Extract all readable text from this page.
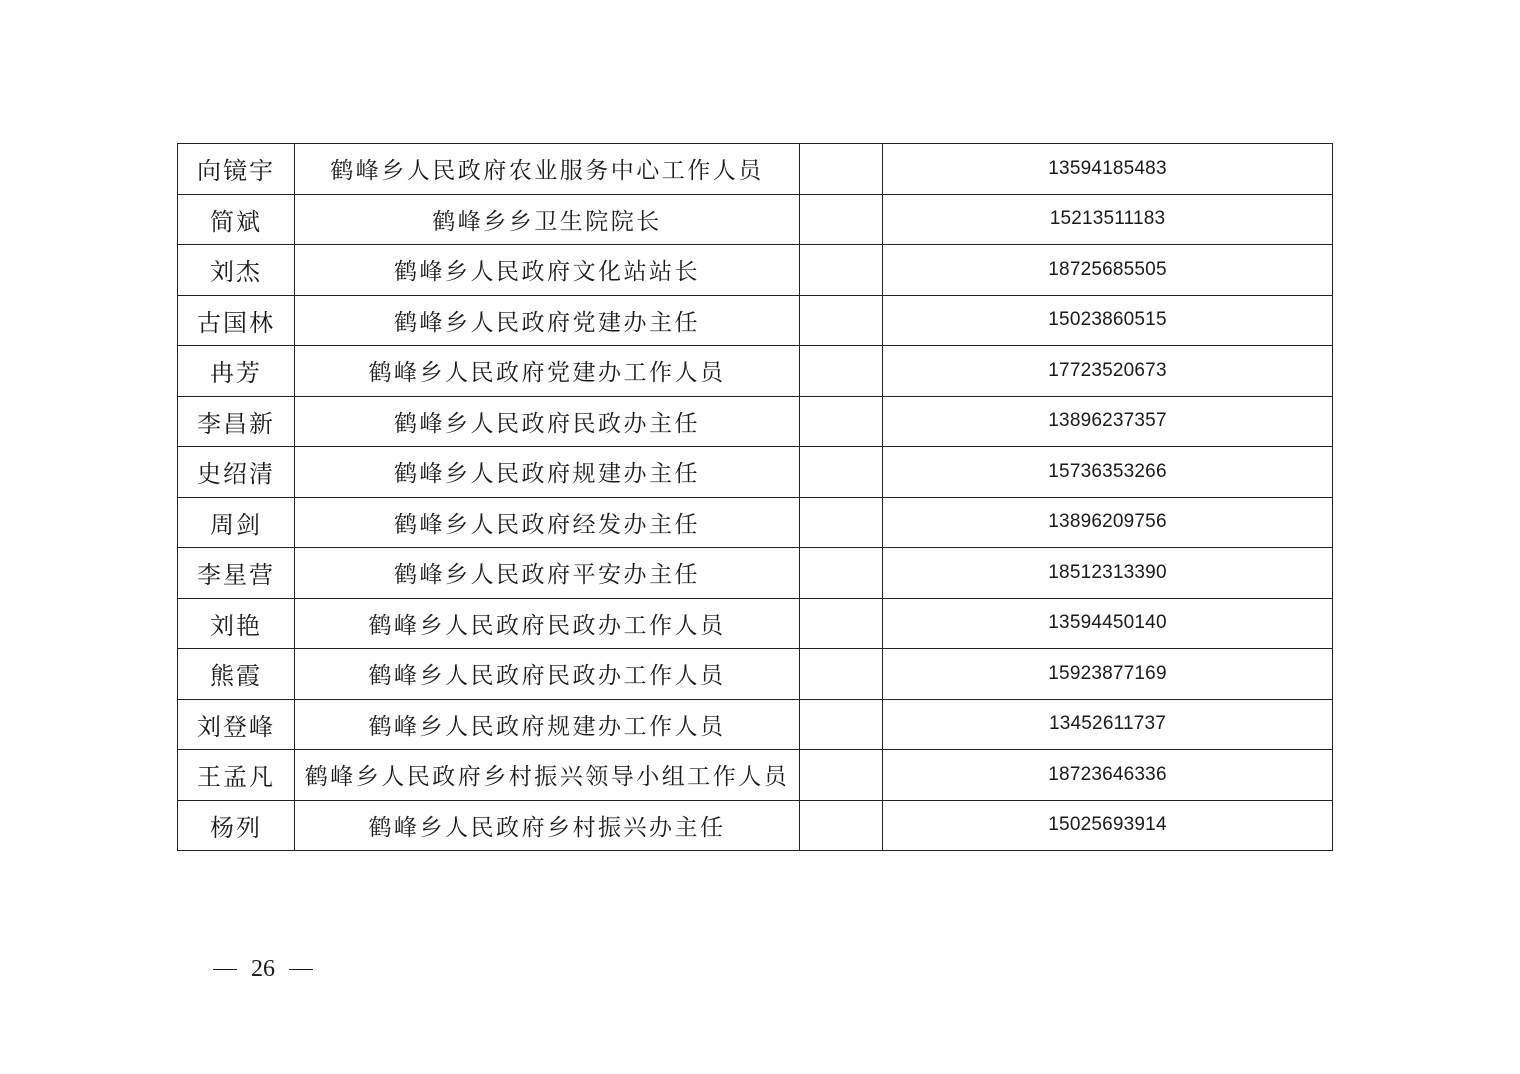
向镜宇	鹤峰乡人民政府农业服务中心工作人员		13594185483
简斌	鹤峰乡乡卫生院院长		15213511183
刘杰	鹤峰乡人民政府文化站站长		18725685505
古国林	鹤峰乡人民政府党建办主任		15023860515
冉芳	鹤峰乡人民政府党建办工作人员		17723520673
李昌新	鹤峰乡人民政府民政办主任		13896237357
史绍清	鹤峰乡人民政府规建办主任		15736353266
周剑	鹤峰乡人民政府经发办主任		13896209756
李星营	鹤峰乡人民政府平安办主任		18512313390
刘艳	鹤峰乡人民政府民政办工作人员		13594450140
熊霞	鹤峰乡人民政府民政办工作人员		15923877169
刘登峰	鹤峰乡人民政府规建办工作人员		13452611737
王孟凡	鹤峰乡人民政府乡村振兴领导小组工作人员		18723646336
杨列	鹤峰乡人民政府乡村振兴办主任		15025693914
26
